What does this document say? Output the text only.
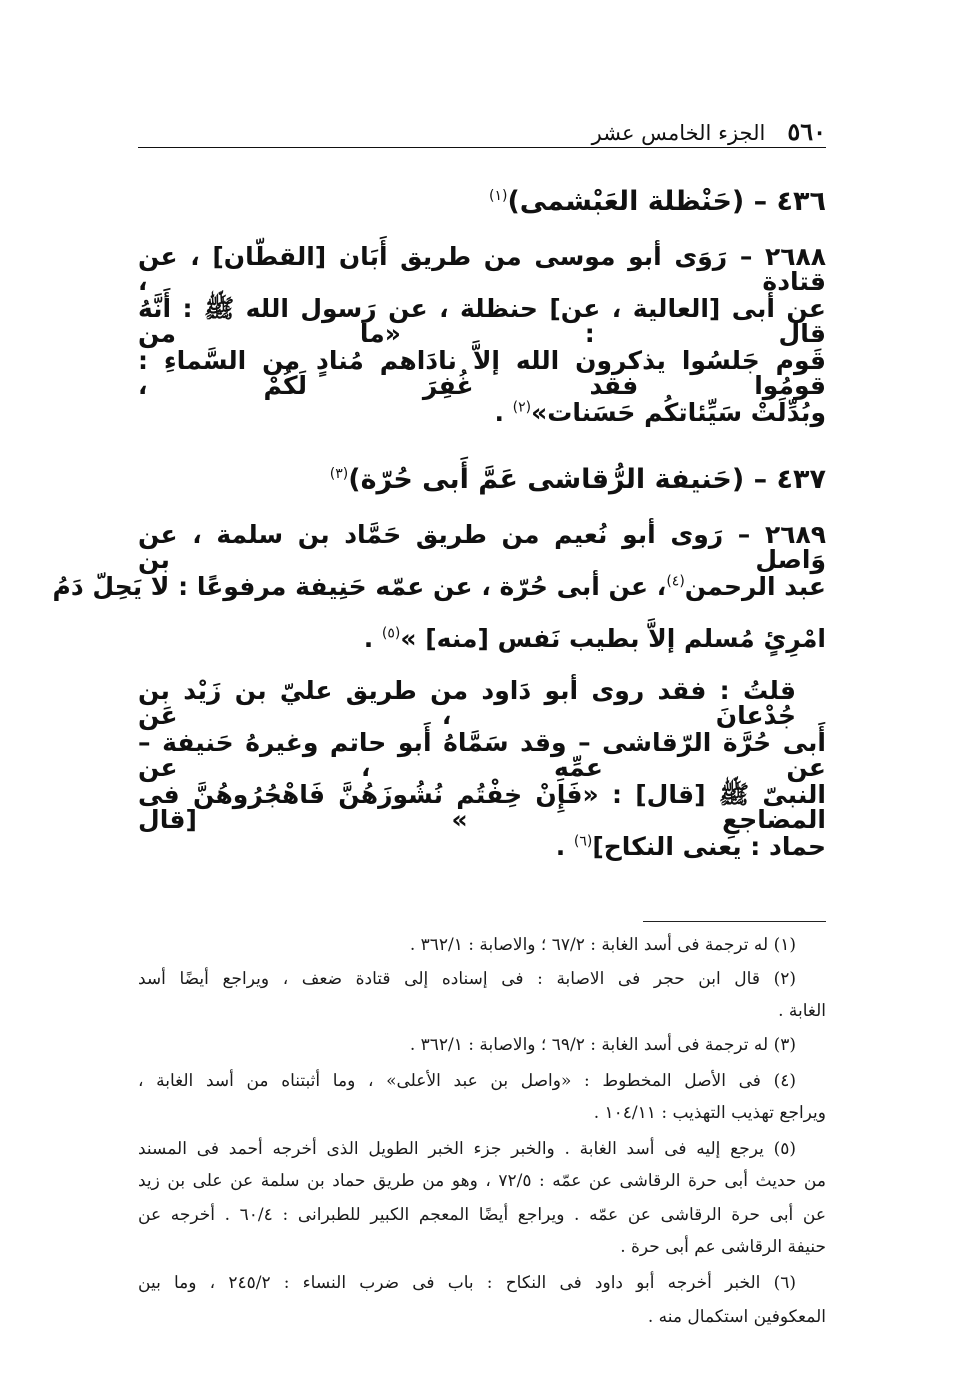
٥٦٠
الجزء الخامس عشر
٤٣٦ – (حَنْظلة العَبْشمى)$^{(١)}$
٢٦٨٨ – رَوَى أبو موسى من طريق أَبَان [القطّان] ، عن قتادة ،
عن أبى [العالية ، عن] حنظلة ، عن رَسول الله ﷺ : أَنَّهُ قال : «ما من
قَوم جَلسُوا يذكرون الله إلاَّ نادَاهم مُنادٍ من السَّماءِ : قومُوا فقد غُفِرَ لَكُمْ ،
وبُدِّلَتْ سَيِّئاتكُم حَسَنات»$^{(٢)}$ .
٤٣٧ – (حَنيفة الرُّقاشى عَمَّ أَبى حُرّة)$^{(٣)}$
٢٦٨٩ – رَوى أبو نُعيم من طريق حَمَّاد بن سلمة ، عن وَاصل بن
عبد الرحمن$^{(٤)}$
، عن أبى حُرّة ، عن عمّه حَنِيفة مرفوعًا : لا يَحِلّ دَمُ
امْرِئٍ مُسلم إلاَّ بطيب نَفس [منه] »$^{(٥)}$ .
قلتُ : فقد روى أبو دَاود من طريق عليّ بن زَيْد بن جُدْعانَ ، عَن
أَبى حُرَّة الرّقاشى – وقد سَمَّاهُ أَبو حاتم وغيرهُ حَنيفة – عن عمِّهِ ، عن
النبىّ ﷺ [قال] : «فَإِنْ خِفْتُم نُشُوزَهُنَّ فَاهْجُرُوهُنَّ فى المضاجعِ » [قال
حماد : يعنى النكاح]$^{(٦)}$ .
(١) له ترجمة فى أسد الغابة : ٦٧/٢ ؛ والاصابة : ٣٦٢/١ .
(٢) قال ابن حجر فى الاصابة : فى إسناده إلى قتادة ضعف ، ويراجع أيضًا أسد
الغابة .
(٣) له ترجمة فى أسد الغابة : ٦٩/٢ ؛ والاصابة : ٣٦٢/١ .
(٤) فى الأصل المخطوط : «واصل بن عبد الأعلى» ، وما أثبتناه من أسد الغابة ،
ويراجع تهذيب التهذيب : ١٠٤/١١ .
(٥) يرجع إليه فى أسد الغابة . والخبر جزء الخبر الطويل الذى أخرجه أحمد فى المسند
من حديث أبى حرة الرقاشى عن عمّه : ٧٢/٥ ، وهو من طريق حماد بن سلمة عن على بن زيد
عن أبى حرة الرقاشى عن عمّه . ويراجع أيضًا المعجم الكبير للطبرانى : ٦٠/٤ . أخرجه عن
حنيفة الرقاشى عم أبى حرة .
(٦) الخبر أخرجه أبو داود فى النكاح : باب فى ضرب النساء : ٢٤٥/٢ ، وما بين
المعكوفين استكمال منه .
